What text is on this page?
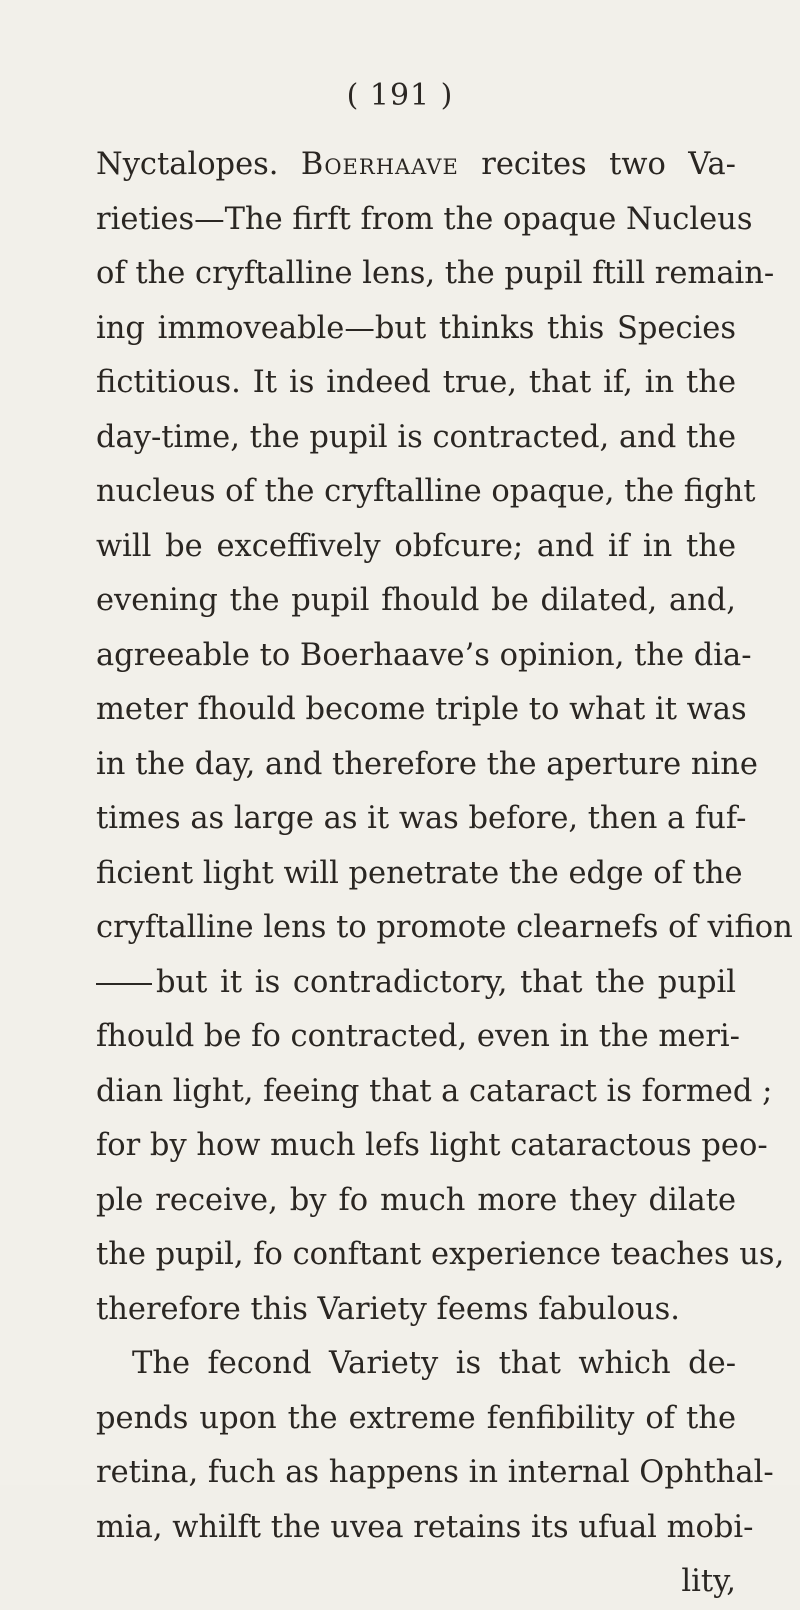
( 191 )
Nyctalopes. Boerhaave recites two Va-
rieties—The firft from the opaque Nucleus
of the cryftalline lens, the pupil ftill remain-
ing immoveable—but thinks this Species
fictitious. It is indeed true, that if, in the
day-time, the pupil is contracted, and the
nucleus of the cryftalline opaque, the fight
will be exceffively obfcure; and if in the
evening the pupil fhould be dilated, and,
agreeable to Boerhaave’s opinion, the dia-
meter fhould become triple to what it was
in the day, and therefore the aperture nine
times as large as it was before, then a fuf-
ficient light will penetrate the edge of the
cryftalline lens to promote clearnefs of vifion
but it is contradictory, that the pupil
fhould be fo contracted, even in the meri-
dian light, feeing that a cataract is formed ;
for by how much lefs light cataractous peo-
ple receive, by fo much more they dilate
the pupil, fo conftant experience teaches us,
therefore this Variety feems fabulous.
The fecond Variety is that which de-
pends upon the extreme fenfibility of the
retina, fuch as happens in internal Ophthal-
mia, whilft the uvea retains its ufual mobi-
lity,
